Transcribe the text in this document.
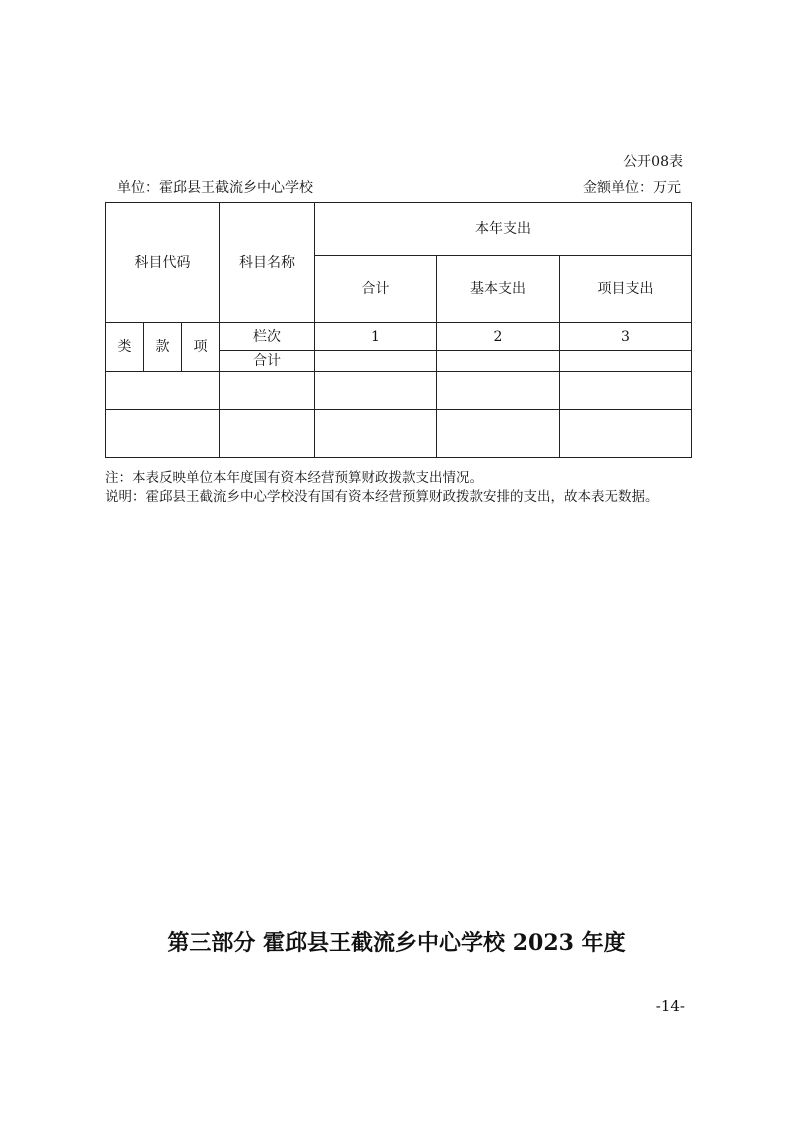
公开08表
单位：霍邱县王截流乡中心学校	金额单位：万元
科目代码			科目名称	本年支出		
				合计	基本支出	项目支出
类	款	项	栏次	1	2	3
			合计			

注：本表反映单位本年度国有资本经营预算财政拨款支出情况。
说明：霍邱县王截流乡中心学校没有国有资本经营预算财政拨款安排的支出，故本表无数据。
第三部分 霍邱县王截流乡中心学校 2023 年度
-14-
